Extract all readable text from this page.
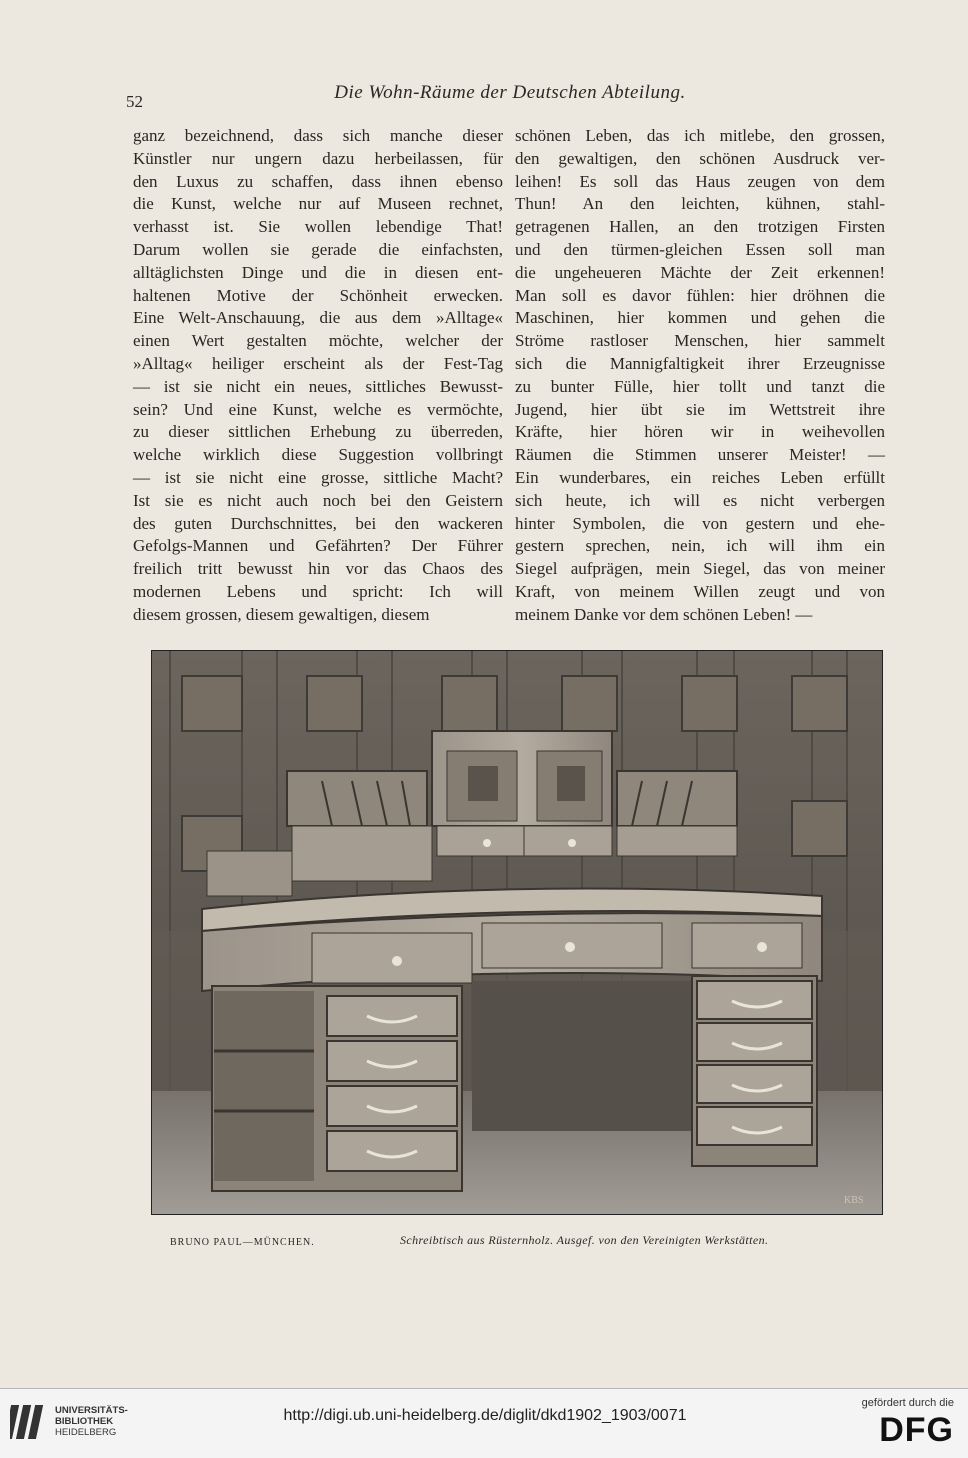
52	Die Wohn-Räume der Deutschen Abteilung.
ganz bezeichnend, dass sich manche dieser
Künstler nur ungern dazu herbeilassen, für
den Luxus zu schaffen, dass ihnen ebenso
die Kunst, welche nur auf Museen rechnet,
verhasst ist. Sie wollen lebendige That!
Darum wollen sie gerade die einfachsten,
alltäglichsten Dinge und die in diesen ent-
haltenen Motive der Schönheit erwecken.
Eine Welt-Anschauung, die aus dem »Alltage«
einen Wert gestalten möchte, welcher der
»Alltag« heiliger erscheint als der Fest-Tag
— ist sie nicht ein neues, sittliches Bewusst-
sein? Und eine Kunst, welche es vermöchte,
zu dieser sittlichen Erhebung zu überreden,
welche wirklich diese Suggestion vollbringt
— ist sie nicht eine grosse, sittliche Macht?
Ist sie es nicht auch noch bei den Geistern
des guten Durchschnittes, bei den wackeren
Gefolgs-Mannen und Gefährten? Der Führer
freilich tritt bewusst hin vor das Chaos des
modernen Lebens und spricht: Ich will
diesem grossen, diesem gewaltigen, diesem
schönen Leben, das ich mitlebe, den grossen,
den gewaltigen, den schönen Ausdruck ver-
leihen! Es soll das Haus zeugen von dem
Thun! An den leichten, kühnen, stahl-
getragenen Hallen, an den trotzigen Firsten
und den türmen-gleichen Essen soll man
die ungeheueren Mächte der Zeit erkennen!
Man soll es davor fühlen: hier dröhnen die
Maschinen, hier kommen und gehen die
Ströme rastloser Menschen, hier sammelt
sich die Mannigfaltigkeit ihrer Erzeugnisse
zu bunter Fülle, hier tollt und tanzt die
Jugend, hier übt sie im Wettstreit ihre
Kräfte, hier hören wir in weihevollen
Räumen die Stimmen unserer Meister! —
Ein wunderbares, ein reiches Leben erfüllt
sich heute, ich will es nicht verbergen
hinter Symbolen, die von gestern und ehe-
gestern sprechen, nein, ich will ihm ein
Siegel aufprägen, mein Siegel, das von meiner
Kraft, von meinem Willen zeugt und von
meinem Danke vor dem schönen Leben! —
KBS
BRUNO PAUL—MÜNCHEN.	Schreibtisch aus Rüsternholz. Ausgef. von den Vereinigten Werkstätten.
UNIVERSITÄTS-
BIBLIOTHEK
HEIDELBERG
http://digi.ub.uni-heidelberg.de/diglit/dkd1902_1903/0071
gefördert durch die
DFG
